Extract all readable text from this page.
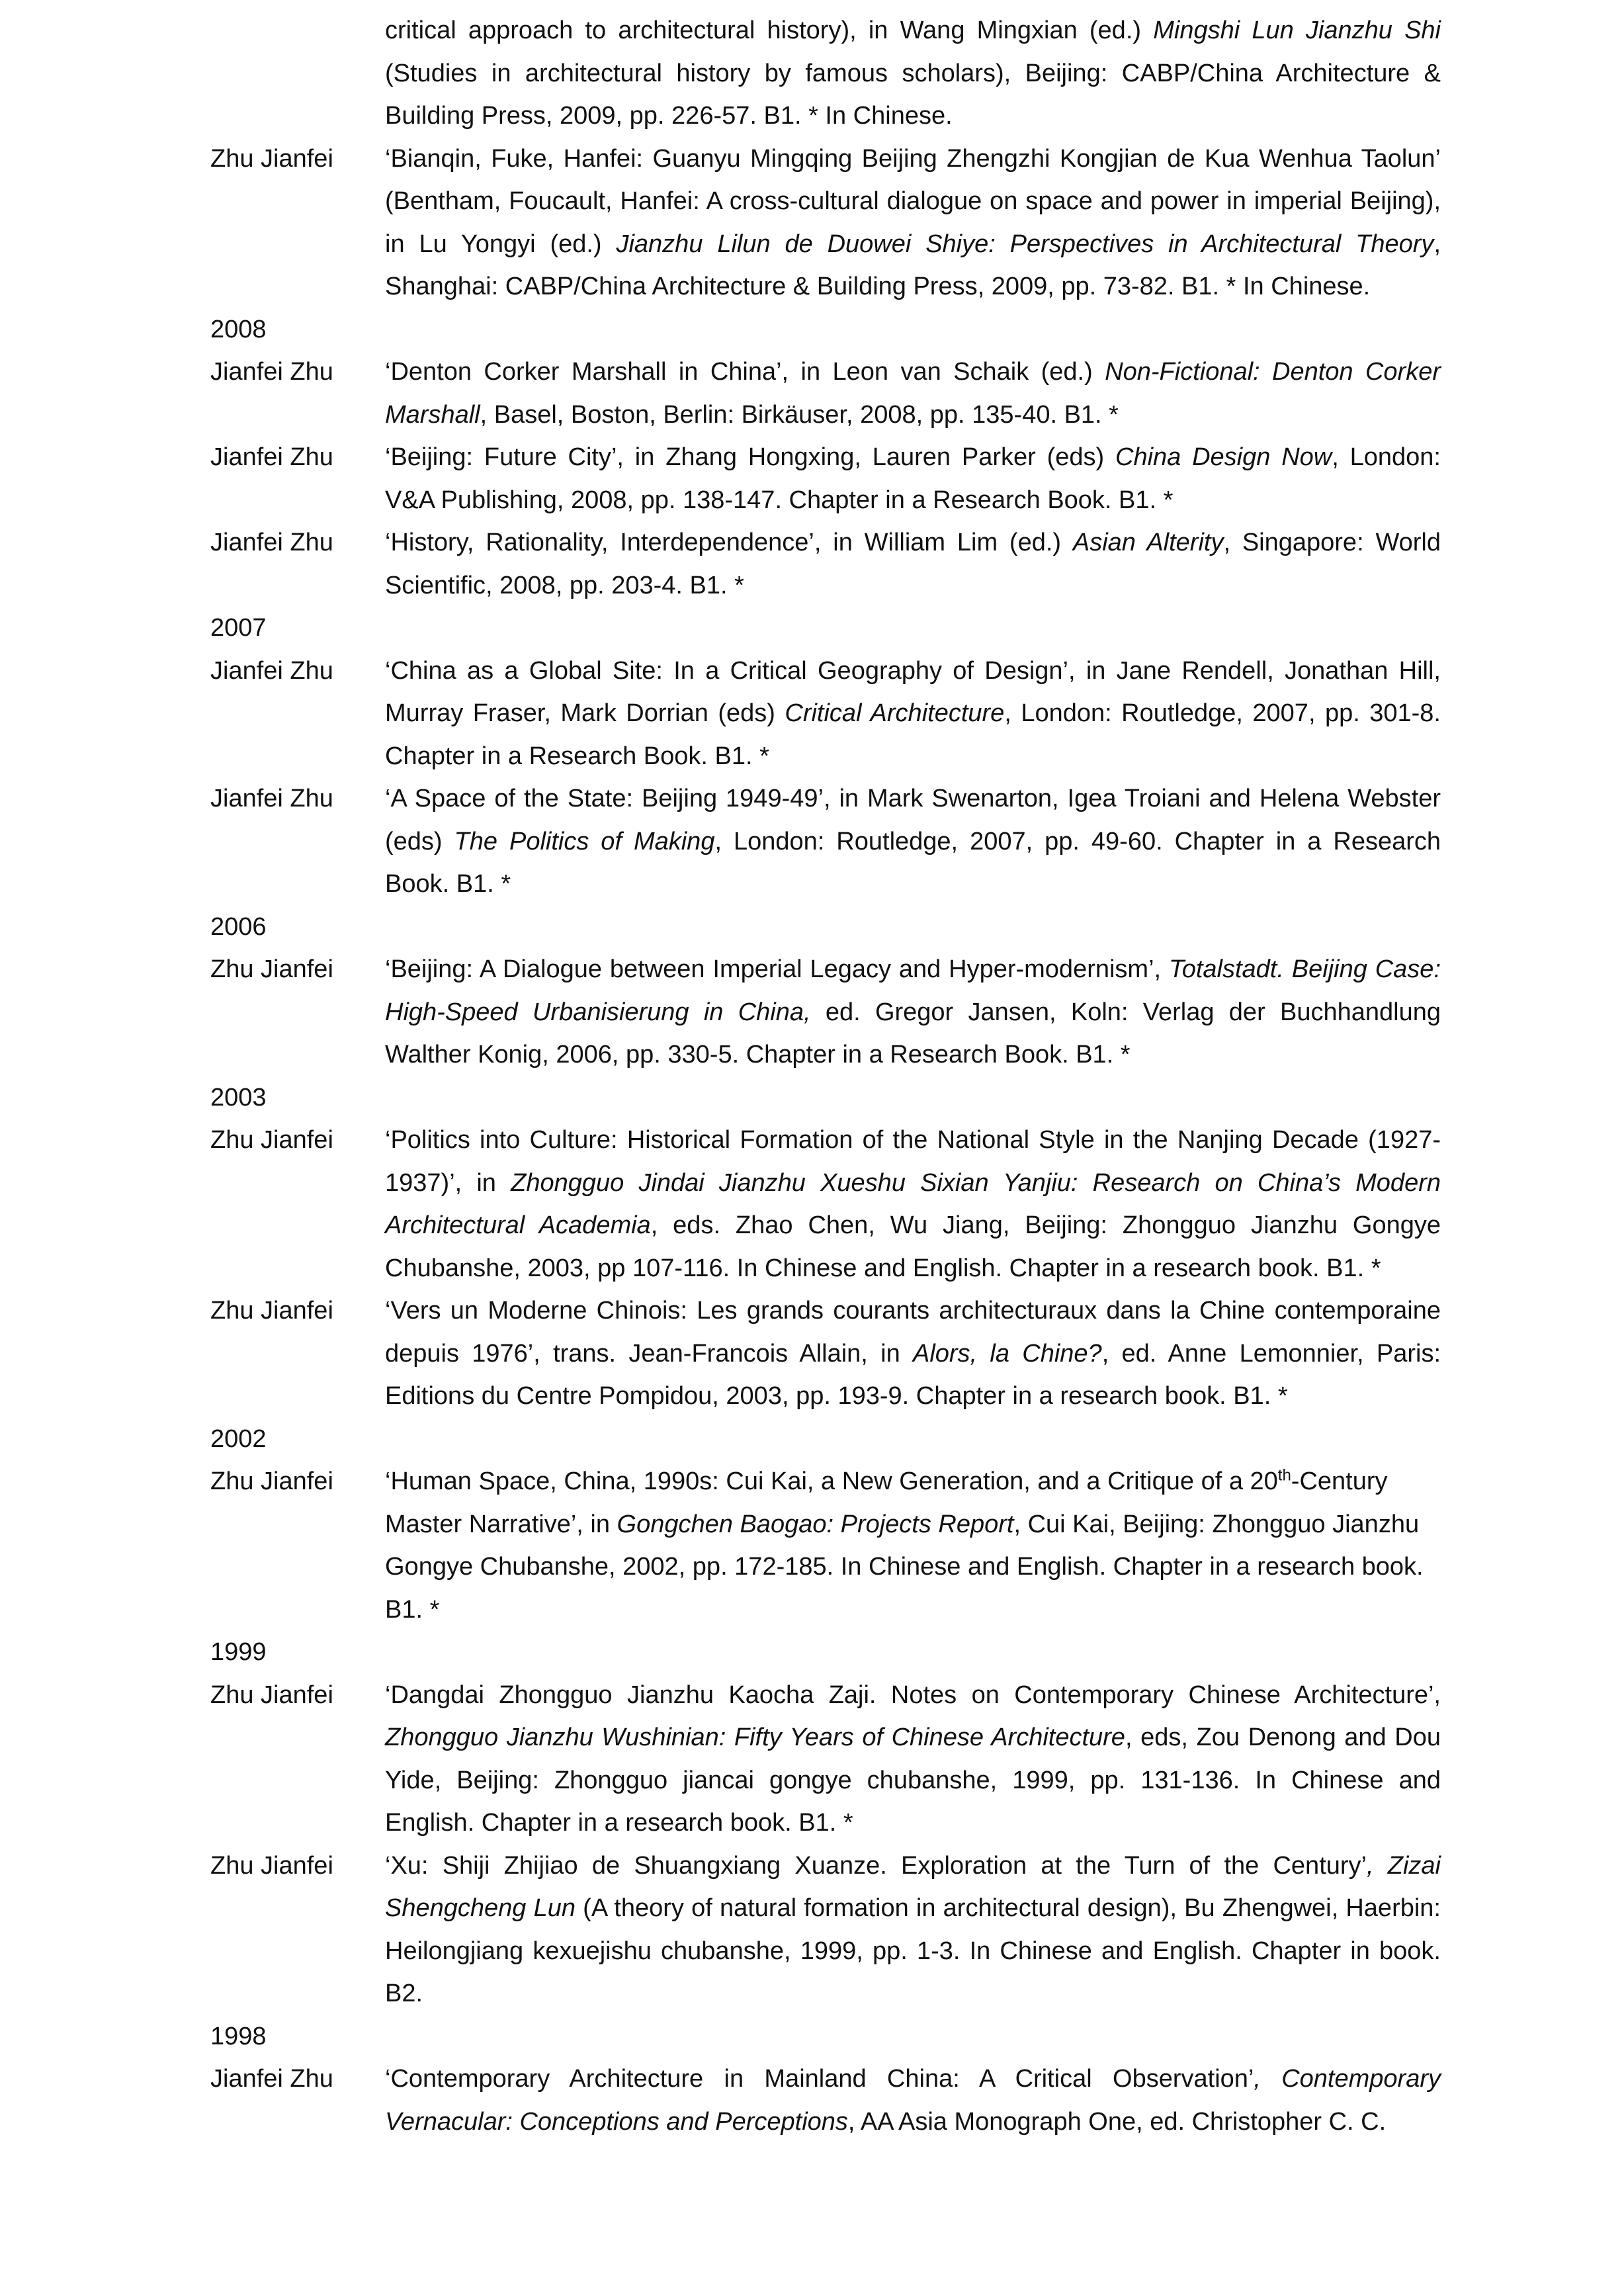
critical approach to architectural history), in Wang Mingxian (ed.) Mingshi Lun Jianzhu Shi (Studies in architectural history by famous scholars), Beijing: CABP/China Architecture & Building Press, 2009, pp. 226-57. B1. * In Chinese.
Zhu Jianfei	‘Bianqin, Fuke, Hanfei: Guanyu Mingqing Beijing Zhengzhi Kongjian de Kua Wenhua Taolun’ (Bentham, Foucault, Hanfei: A cross-cultural dialogue on space and power in imperial Beijing), in Lu Yongyi (ed.) Jianzhu Lilun de Duowei Shiye: Perspectives in Architectural Theory, Shanghai: CABP/China Architecture & Building Press, 2009, pp. 73-82. B1. * In Chinese.
2008
Jianfei Zhu	‘Denton Corker Marshall in China’, in Leon van Schaik (ed.) Non-Fictional: Denton Corker Marshall, Basel, Boston, Berlin: Birkäuser, 2008, pp. 135-40. B1. *
Jianfei Zhu	‘Beijing: Future City’, in Zhang Hongxing, Lauren Parker (eds) China Design Now, London: V&A Publishing, 2008, pp. 138-147. Chapter in a Research Book. B1. *
Jianfei Zhu	‘History, Rationality, Interdependence’, in William Lim (ed.) Asian Alterity, Singapore: World Scientific, 2008, pp. 203-4. B1. *
2007
Jianfei Zhu	‘China as a Global Site: In a Critical Geography of Design’, in Jane Rendell, Jonathan Hill, Murray Fraser, Mark Dorrian (eds) Critical Architecture, London: Routledge, 2007, pp. 301-8. Chapter in a Research Book. B1. *
Jianfei Zhu	‘A Space of the State: Beijing 1949-49’, in Mark Swenarton, Igea Troiani and Helena Webster (eds) The Politics of Making, London: Routledge, 2007, pp. 49-60. Chapter in a Research Book. B1. *
2006
Zhu Jianfei	‘Beijing: A Dialogue between Imperial Legacy and Hyper-modernism’, Totalstadt. Beijing Case: High-Speed Urbanisierung in China, ed. Gregor Jansen, Koln: Verlag der Buchhandlung Walther Konig, 2006, pp. 330-5. Chapter in a Research Book. B1. *
2003
Zhu Jianfei	‘Politics into Culture: Historical Formation of the National Style in the Nanjing Decade (1927-1937)’, in Zhongguo Jindai Jianzhu Xueshu Sixian Yanjiu: Research on China’s Modern Architectural Academia, eds. Zhao Chen, Wu Jiang, Beijing: Zhongguo Jianzhu Gongye Chubanshe, 2003, pp 107-116. In Chinese and English. Chapter in a research book. B1. *
Zhu Jianfei	‘Vers un Moderne Chinois: Les grands courants architecturaux dans la Chine contemporaine depuis 1976’, trans. Jean-Francois Allain, in Alors, la Chine?, ed. Anne Lemonnier, Paris: Editions du Centre Pompidou, 2003, pp. 193-9. Chapter in a research book. B1. *
2002
Zhu Jianfei	‘Human Space, China, 1990s: Cui Kai, a New Generation, and a Critique of a 20th-Century Master Narrative’, in Gongchen Baogao: Projects Report, Cui Kai, Beijing: Zhongguo Jianzhu Gongye Chubanshe, 2002, pp. 172-185. In Chinese and English. Chapter in a research book. B1. *
1999
Zhu Jianfei	‘Dangdai Zhongguo Jianzhu Kaocha Zaji. Notes on Contemporary Chinese Architecture’, Zhongguo Jianzhu Wushinian: Fifty Years of Chinese Architecture, eds, Zou Denong and Dou Yide, Beijing: Zhongguo jiancai gongye chubanshe, 1999, pp. 131-136. In Chinese and English. Chapter in a research book. B1. *
Zhu Jianfei	‘Xu: Shiji Zhijiao de Shuangxiang Xuanze. Exploration at the Turn of the Century’, Zizai Shengcheng Lun (A theory of natural formation in architectural design), Bu Zhengwei, Haerbin: Heilongjiang kexuejishu chubanshe, 1999, pp. 1-3. In Chinese and English. Chapter in book. B2.
1998
Jianfei Zhu	‘Contemporary Architecture in Mainland China: A Critical Observation’, Contemporary Vernacular: Conceptions and Perceptions, AA Asia Monograph One, ed. Christopher C. C.
